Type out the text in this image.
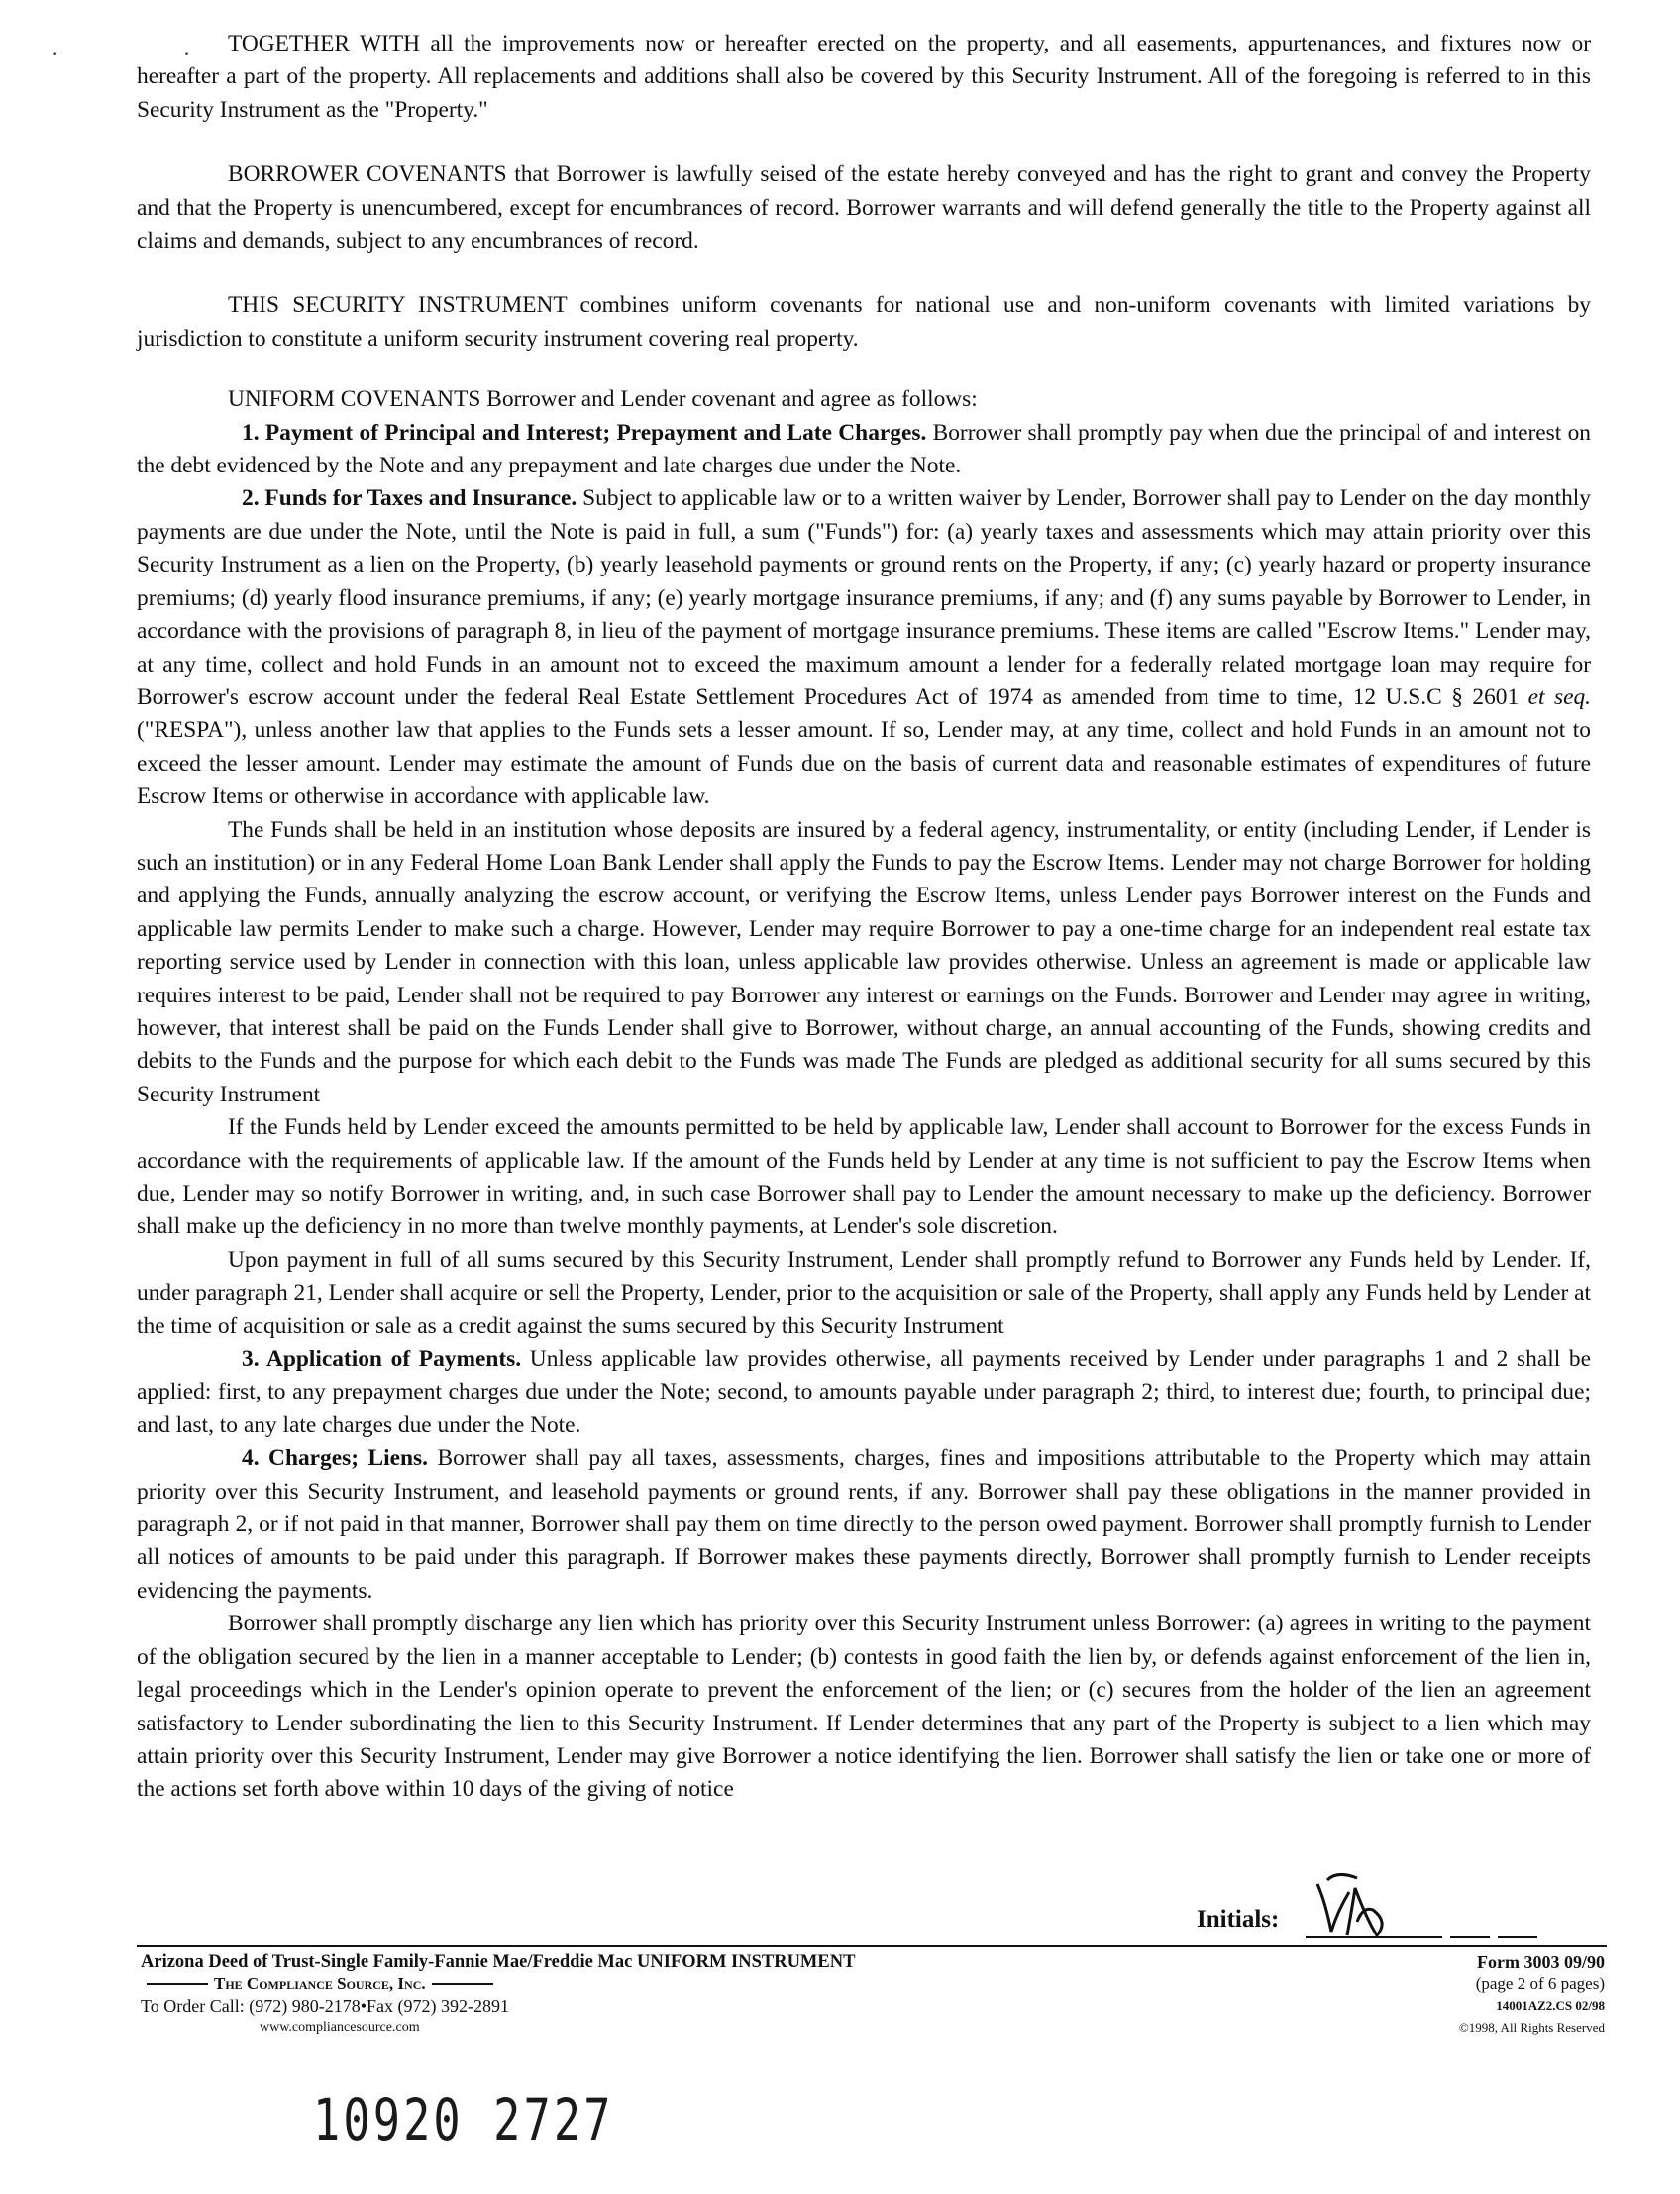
· ·

TOGETHER WITH all the improvements now or hereafter erected on the property, and all easements, appurtenances, and fixtures now or hereafter a part of the property. All replacements and additions shall also be covered by this Security Instrument. All of the foregoing is referred to in this Security Instrument as the "Property."

BORROWER COVENANTS that Borrower is lawfully seised of the estate hereby conveyed and has the right to grant and convey the Property and that the Property is unencumbered, except for encumbrances of record. Borrower warrants and will defend generally the title to the Property against all claims and demands, subject to any encumbrances of record.

THIS SECURITY INSTRUMENT combines uniform covenants for national use and non-uniform covenants with limited variations by jurisdiction to constitute a uniform security instrument covering real property.

UNIFORM COVENANTS Borrower and Lender covenant and agree as follows:

1. Payment of Principal and Interest; Prepayment and Late Charges. Borrower shall promptly pay when due the principal of and interest on the debt evidenced by the Note and any prepayment and late charges due under the Note.

2. Funds for Taxes and Insurance. Subject to applicable law or to a written waiver by Lender, Borrower shall pay to Lender on the day monthly payments are due under the Note, until the Note is paid in full, a sum ("Funds") for: (a) yearly taxes and assessments which may attain priority over this Security Instrument as a lien on the Property, (b) yearly leasehold payments or ground rents on the Property, if any; (c) yearly hazard or property insurance premiums; (d) yearly flood insurance premiums, if any; (e) yearly mortgage insurance premiums, if any; and (f) any sums payable by Borrower to Lender, in accordance with the provisions of paragraph 8, in lieu of the payment of mortgage insurance premiums. These items are called "Escrow Items." Lender may, at any time, collect and hold Funds in an amount not to exceed the maximum amount a lender for a federally related mortgage loan may require for Borrower's escrow account under the federal Real Estate Settlement Procedures Act of 1974 as amended from time to time, 12 U.S.C § 2601 et seq. ("RESPA"), unless another law that applies to the Funds sets a lesser amount. If so, Lender may, at any time, collect and hold Funds in an amount not to exceed the lesser amount. Lender may estimate the amount of Funds due on the basis of current data and reasonable estimates of expenditures of future Escrow Items or otherwise in accordance with applicable law.

The Funds shall be held in an institution whose deposits are insured by a federal agency, instrumentality, or entity (including Lender, if Lender is such an institution) or in any Federal Home Loan Bank Lender shall apply the Funds to pay the Escrow Items. Lender may not charge Borrower for holding and applying the Funds, annually analyzing the escrow account, or verifying the Escrow Items, unless Lender pays Borrower interest on the Funds and applicable law permits Lender to make such a charge. However, Lender may require Borrower to pay a one-time charge for an independent real estate tax reporting service used by Lender in connection with this loan, unless applicable law provides otherwise. Unless an agreement is made or applicable law requires interest to be paid, Lender shall not be required to pay Borrower any interest or earnings on the Funds. Borrower and Lender may agree in writing, however, that interest shall be paid on the Funds Lender shall give to Borrower, without charge, an annual accounting of the Funds, showing credits and debits to the Funds and the purpose for which each debit to the Funds was made The Funds are pledged as additional security for all sums secured by this Security Instrument

If the Funds held by Lender exceed the amounts permitted to be held by applicable law, Lender shall account to Borrower for the excess Funds in accordance with the requirements of applicable law. If the amount of the Funds held by Lender at any time is not sufficient to pay the Escrow Items when due, Lender may so notify Borrower in writing, and, in such case Borrower shall pay to Lender the amount necessary to make up the deficiency. Borrower shall make up the deficiency in no more than twelve monthly payments, at Lender's sole discretion.

Upon payment in full of all sums secured by this Security Instrument, Lender shall promptly refund to Borrower any Funds held by Lender. If, under paragraph 21, Lender shall acquire or sell the Property, Lender, prior to the acquisition or sale of the Property, shall apply any Funds held by Lender at the time of acquisition or sale as a credit against the sums secured by this Security Instrument

3. Application of Payments. Unless applicable law provides otherwise, all payments received by Lender under paragraphs 1 and 2 shall be applied: first, to any prepayment charges due under the Note; second, to amounts payable under paragraph 2; third, to interest due; fourth, to principal due; and last, to any late charges due under the Note.

4. Charges; Liens. Borrower shall pay all taxes, assessments, charges, fines and impositions attributable to the Property which may attain priority over this Security Instrument, and leasehold payments or ground rents, if any. Borrower shall pay these obligations in the manner provided in paragraph 2, or if not paid in that manner, Borrower shall pay them on time directly to the person owed payment. Borrower shall promptly furnish to Lender all notices of amounts to be paid under this paragraph. If Borrower makes these payments directly, Borrower shall promptly furnish to Lender receipts evidencing the payments.

Borrower shall promptly discharge any lien which has priority over this Security Instrument unless Borrower: (a) agrees in writing to the payment of the obligation secured by the lien in a manner acceptable to Lender; (b) contests in good faith the lien by, or defends against enforcement of the lien in, legal proceedings which in the Lender's opinion operate to prevent the enforcement of the lien; or (c) secures from the holder of the lien an agreement satisfactory to Lender subordinating the lien to this Security Instrument. If Lender determines that any part of the Property is subject to a lien which may attain priority over this Security Instrument, Lender may give Borrower a notice identifying the lien. Borrower shall satisfy the lien or take one or more of the actions set forth above within 10 days of the giving of notice

Initials:
Arizona Deed of Trust-Single Family-Fannie Mae/Freddie Mac UNIFORM INSTRUMENT
The Compliance Source, Inc.
To Order Call: (972) 980-2178•Fax (972) 392-2891
www.compliancesource.com
Form 3003 09/90
(page 2 of 6 pages)
14001AZ2.CS 02/98
©1998, All Rights Reserved
10920 2727
